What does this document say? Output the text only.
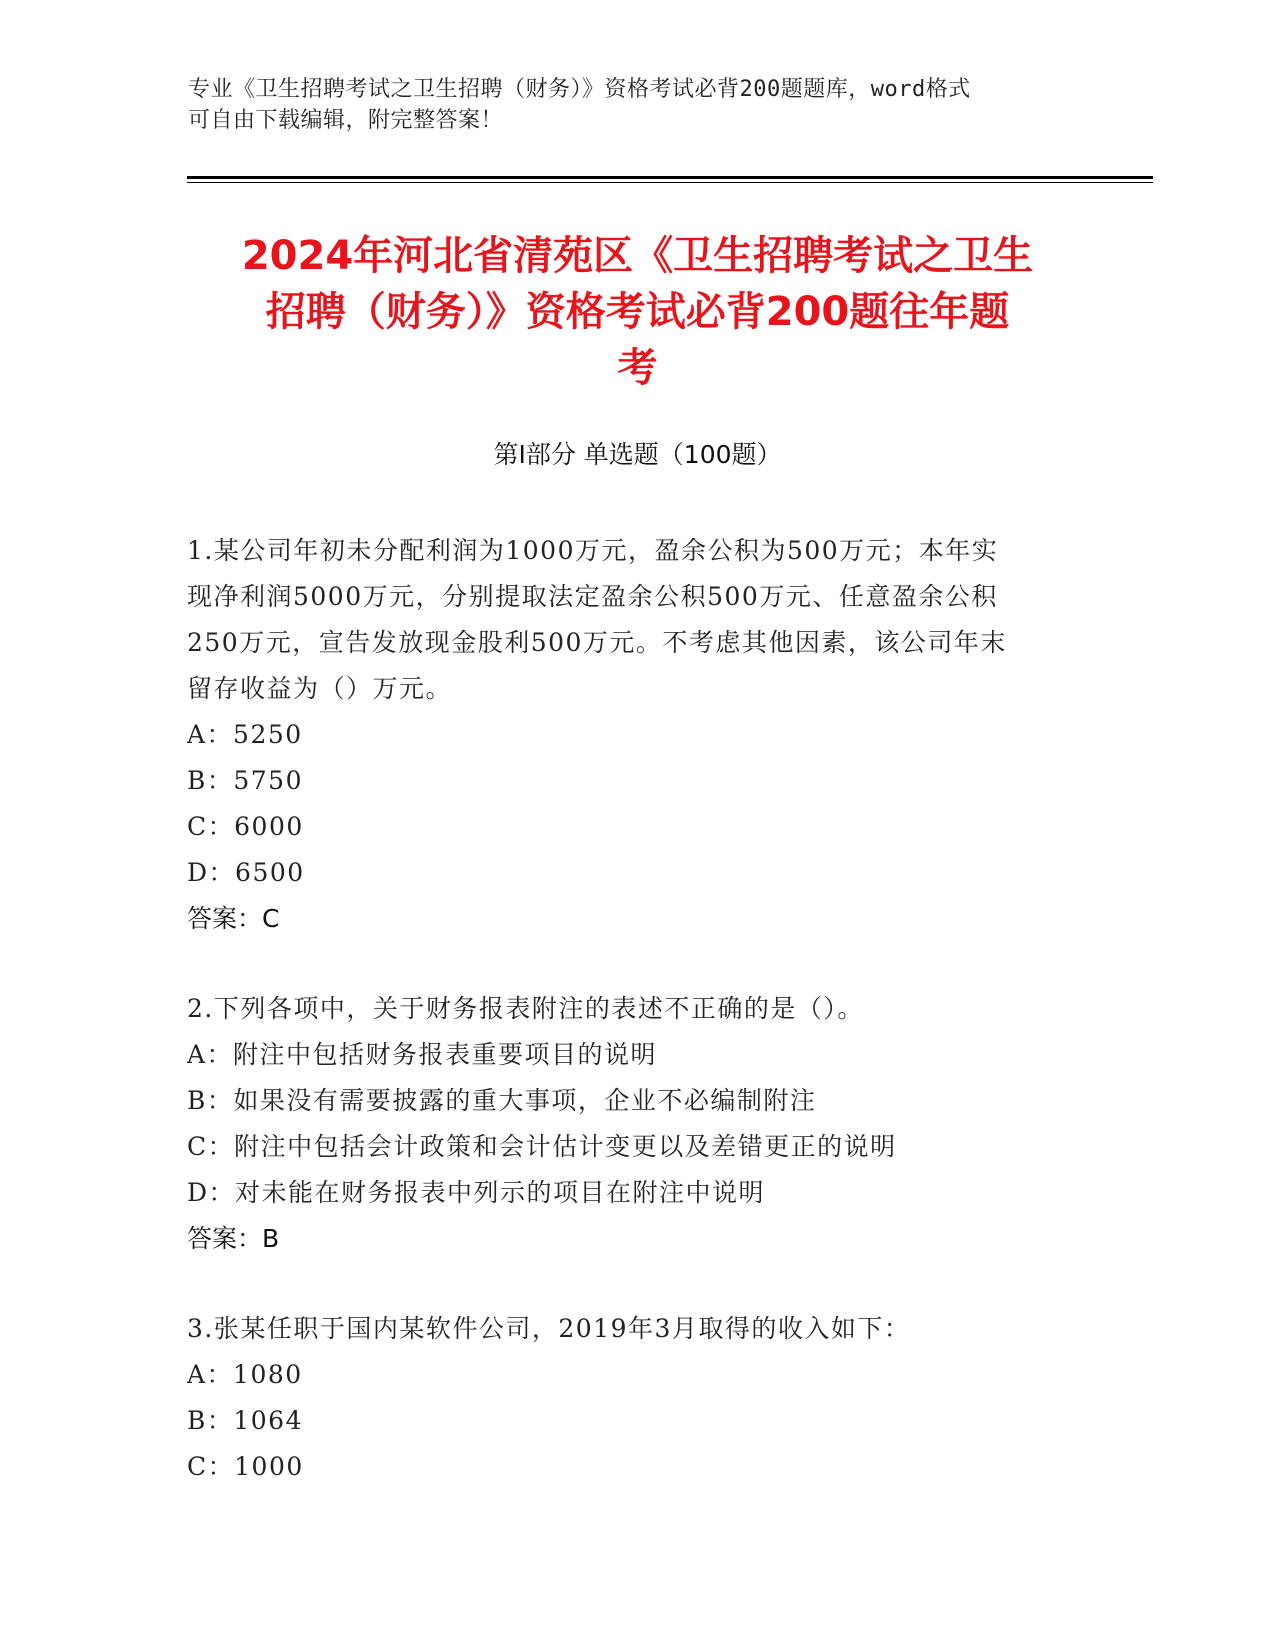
专业《卫生招聘考试之卫生招聘（财务）》资格考试必背200题题库，word格式
可自由下载编辑，附完整答案！
2024年河北省清苑区《卫生招聘考试之卫生
招聘（财务）》资格考试必背200题往年题
考
第Ⅰ部分 单选题（100题）
1.某公司年初未分配利润为1000万元，盈余公积为500万元；本年实
现净利润5000万元，分别提取法定盈余公积500万元、任意盈余公积
250万元，宣告发放现金股利500万元。不考虑其他因素，该公司年末
留存收益为（）万元。
A：5250
B：5750
C：6000
D：6500
答案：C
2.下列各项中，关于财务报表附注的表述不正确的是（）。
A：附注中包括财务报表重要项目的说明
B：如果没有需要披露的重大事项，企业不必编制附注
C：附注中包括会计政策和会计估计变更以及差错更正的说明
D：对未能在财务报表中列示的项目在附注中说明
答案：B
3.张某任职于国内某软件公司，2019年3月取得的收入如下：
A：1080
B：1064
C：1000
